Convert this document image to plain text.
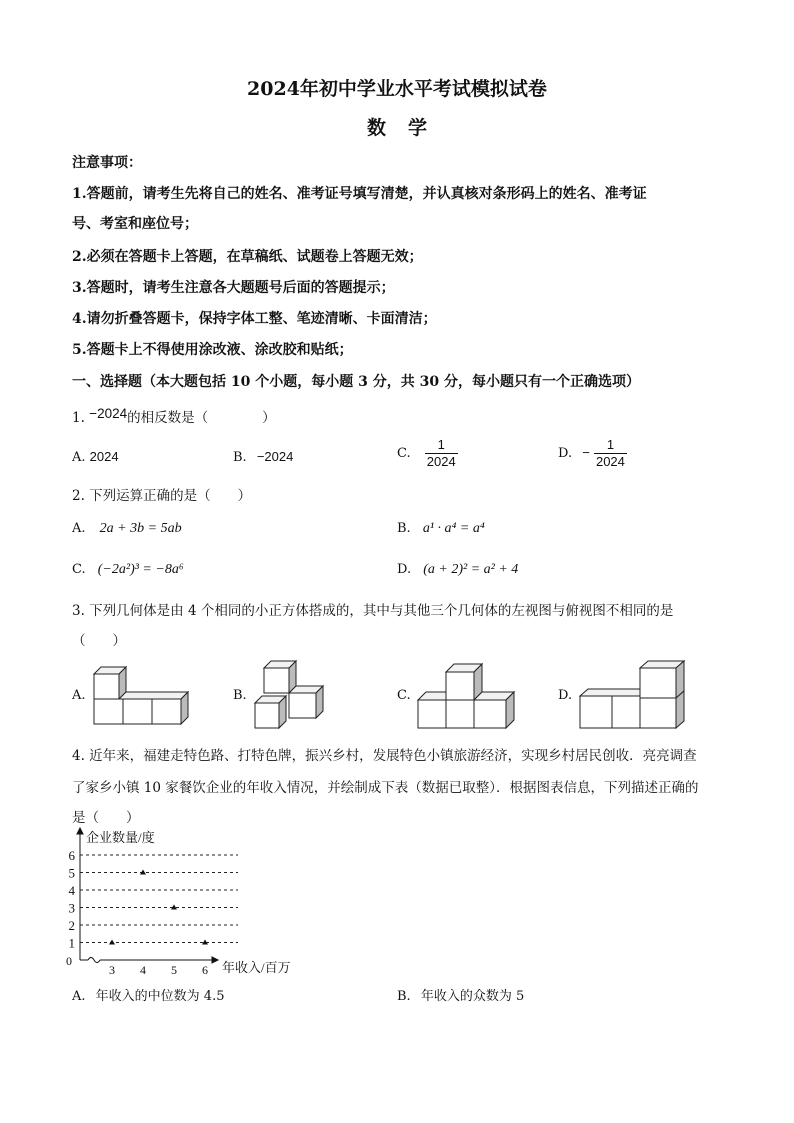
2024年初中学业水平考试模拟试卷
数学
注意事项：
1.答题前，请考生先将自己的姓名、准考证号填写清楚，并认真核对条形码上的姓名、准考证
号、考室和座位号；
2.必须在答题卡上答题，在草稿纸、试题卷上答题无效；
3.答题时，请考生注意各大题题号后面的答题提示；
4.请勿折叠答题卡，保持字体工整、笔迹清晰、卡面清洁；
5.答题卡上不得使用涂改液、涂改胶和贴纸；
一、选择题（本大题包括 10 个小题，每小题 3 分，共 30 分，每小题只有一个正确选项）
1. −2024的相反数是（　　　　）
A. 2024	B. −2024	C. $\frac{1}{2024}$	D. − $\frac{1}{2024}$
2. 下列运算正确的是（　　）
A. 2a + 3b = 5ab	B. a¹ · a⁴ = a⁴
C. (−2a²)³ = −8a⁶	D. (a + 2)² = a² + 4
3. 下列几何体是由 4 个相同的小正方体搭成的，其中与其他三个几何体的左视图与俯视图不相同的是
（　　）
A.	B.	C.	D.
4. 近年来，福建走特色路、打特色牌，振兴乡村，发展特色小镇旅游经济，实现乡村居民创收．亮亮调查
了家乡小镇 10 家餐饮企业的年收入情况，并绘制成下表（数据已取整）．根据图表信息，下列描述正确的
是（　　）
企业数量/度
年收入/百万
0
1
2
3
4
5
6
3 4 5 6
A. 年收入的中位数为 4.5	B. 年收入的众数为 5
